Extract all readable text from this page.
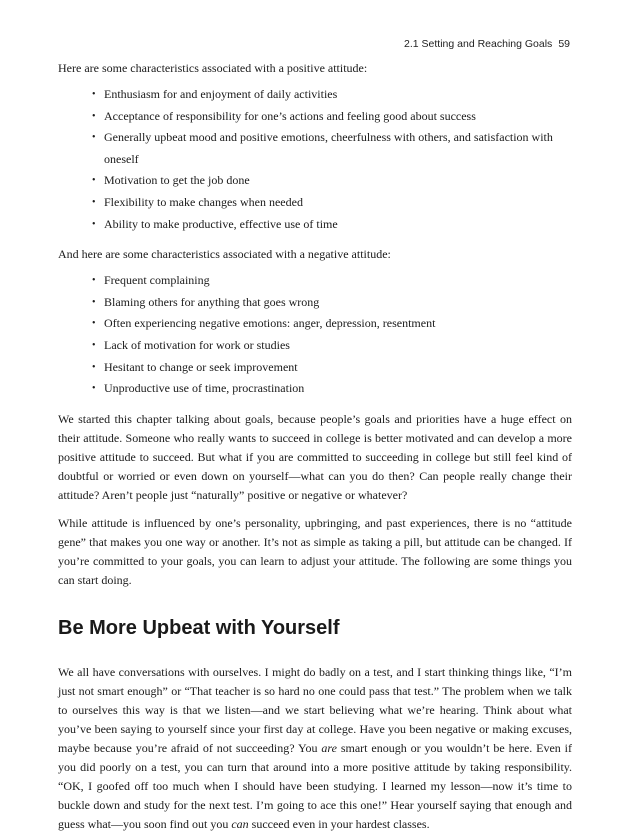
2.1 Setting and Reaching Goals 59

Here are some characteristics associated with a positive attitude:

• Enthusiasm for and enjoyment of daily activities
• Acceptance of responsibility for one’s actions and feeling good about success
• Generally upbeat mood and positive emotions, cheerfulness with others, and satisfaction with oneself
• Motivation to get the job done
• Flexibility to make changes when needed
• Ability to make productive, effective use of time

And here are some characteristics associated with a negative attitude:

• Frequent complaining
• Blaming others for anything that goes wrong
• Often experiencing negative emotions: anger, depression, resentment
• Lack of motivation for work or studies
• Hesitant to change or seek improvement
• Unproductive use of time, procrastination

We started this chapter talking about goals, because people’s goals and priorities have a huge effect on their attitude. Someone who really wants to succeed in college is better motivated and can develop a more positive attitude to succeed. But what if you are committed to succeeding in college but still feel kind of doubtful or worried or even down on yourself—what can you do then? Can people really change their attitude? Aren’t people just “naturally” positive or negative or whatever?

While attitude is influenced by one’s personality, upbringing, and past experiences, there is no “attitude gene” that makes you one way or another. It’s not as simple as taking a pill, but attitude can be changed. If you’re committed to your goals, you can learn to adjust your attitude. The following are some things you can start doing.

Be More Upbeat with Yourself

We all have conversations with ourselves. I might do badly on a test, and I start thinking things like, “I’m just not smart enough” or “That teacher is so hard no one could pass that test.” The problem when we talk to ourselves this way is that we listen—and we start believing what we’re hearing. Think about what you’ve been saying to yourself since your first day at college. Have you been negative or making excuses, maybe because you’re afraid of not succeeding? You are smart enough or you wouldn’t be here. Even if you did poorly on a test, you can turn that around into a more positive attitude by taking responsibility. “OK, I goofed off too much when I should have been studying. I learned my lesson—now it’s time to buckle down and study for the next test. I’m going to ace this one!” Hear yourself saying that enough and guess what—you soon find out you can succeed even in your hardest classes.
